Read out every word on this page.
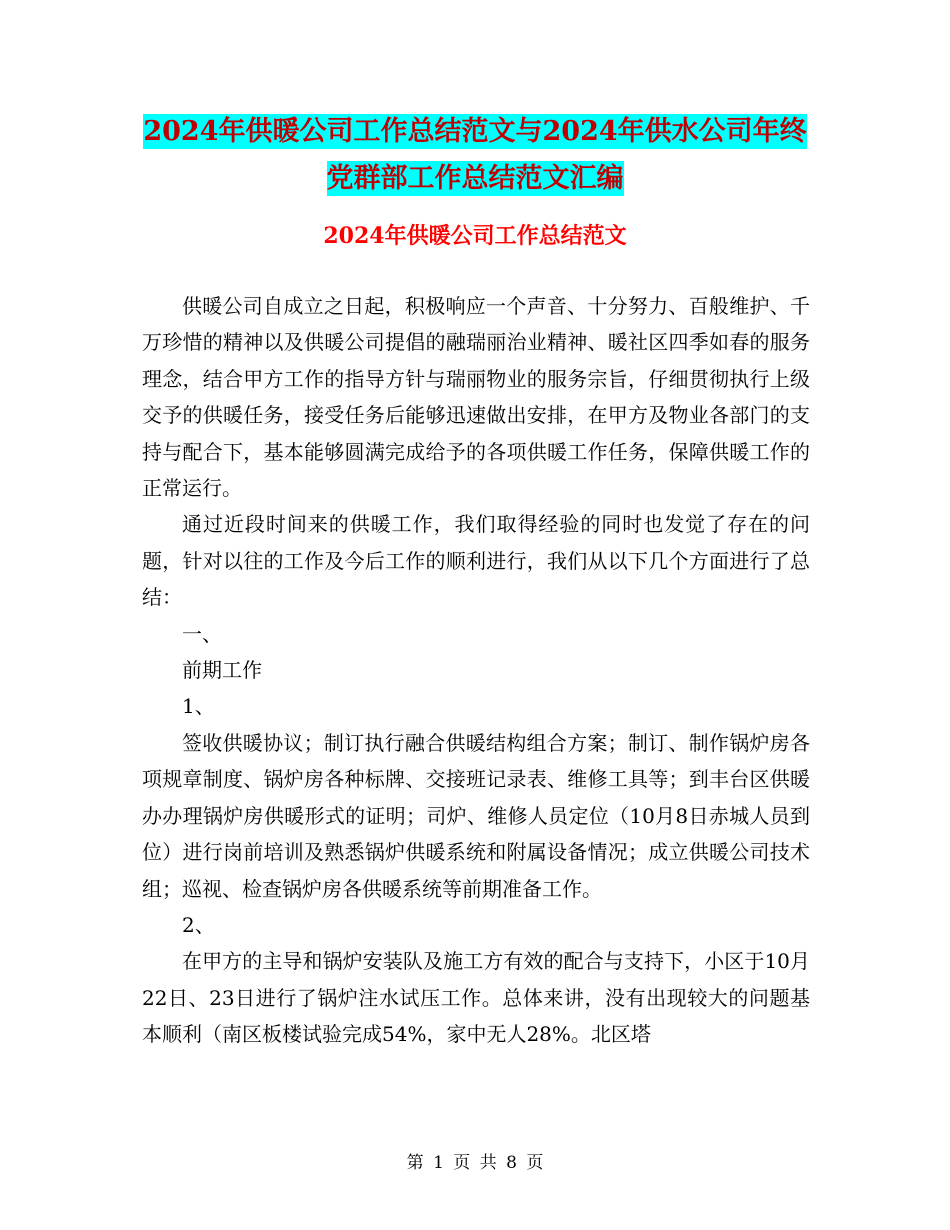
2024年供暖公司工作总结范文与2024年供水公司年终
党群部工作总结范文汇编
2024年供暖公司工作总结范文

供暖公司自成立之日起，积极响应一个声音、十分努力、百般维护、千万珍惜的精神以及供暖公司提倡的融瑞丽治业精神、暖社区四季如春的服务理念，结合甲方工作的指导方针与瑞丽物业的服务宗旨，仔细贯彻执行上级交予的供暖任务，接受任务后能够迅速做出安排，在甲方及物业各部门的支持与配合下，基本能够圆满完成给予的各项供暖工作任务，保障供暖工作的正常运行。

通过近段时间来的供暖工作，我们取得经验的同时也发觉了存在的问题，针对以往的工作及今后工作的顺利进行，我们从以下几个方面进行了总结：

一、

前期工作

1、

签收供暖协议；制订执行融合供暖结构组合方案；制订、制作锅炉房各项规章制度、锅炉房各种标牌、交接班记录表、维修工具等；到丰台区供暖办办理锅炉房供暖形式的证明；司炉、维修人员定位（10月8日赤城人员到位）进行岗前培训及熟悉锅炉供暖系统和附属设备情况；成立供暖公司技术组；巡视、检查锅炉房各供暖系统等前期准备工作。

2、

在甲方的主导和锅炉安装队及施工方有效的配合与支持下，小区于10月22日、23日进行了锅炉注水试压工作。总体来讲，没有出现较大的问题基本顺利（南区板楼试验完成54%，家中无人28%。北区塔

第 1 页 共 8 页
